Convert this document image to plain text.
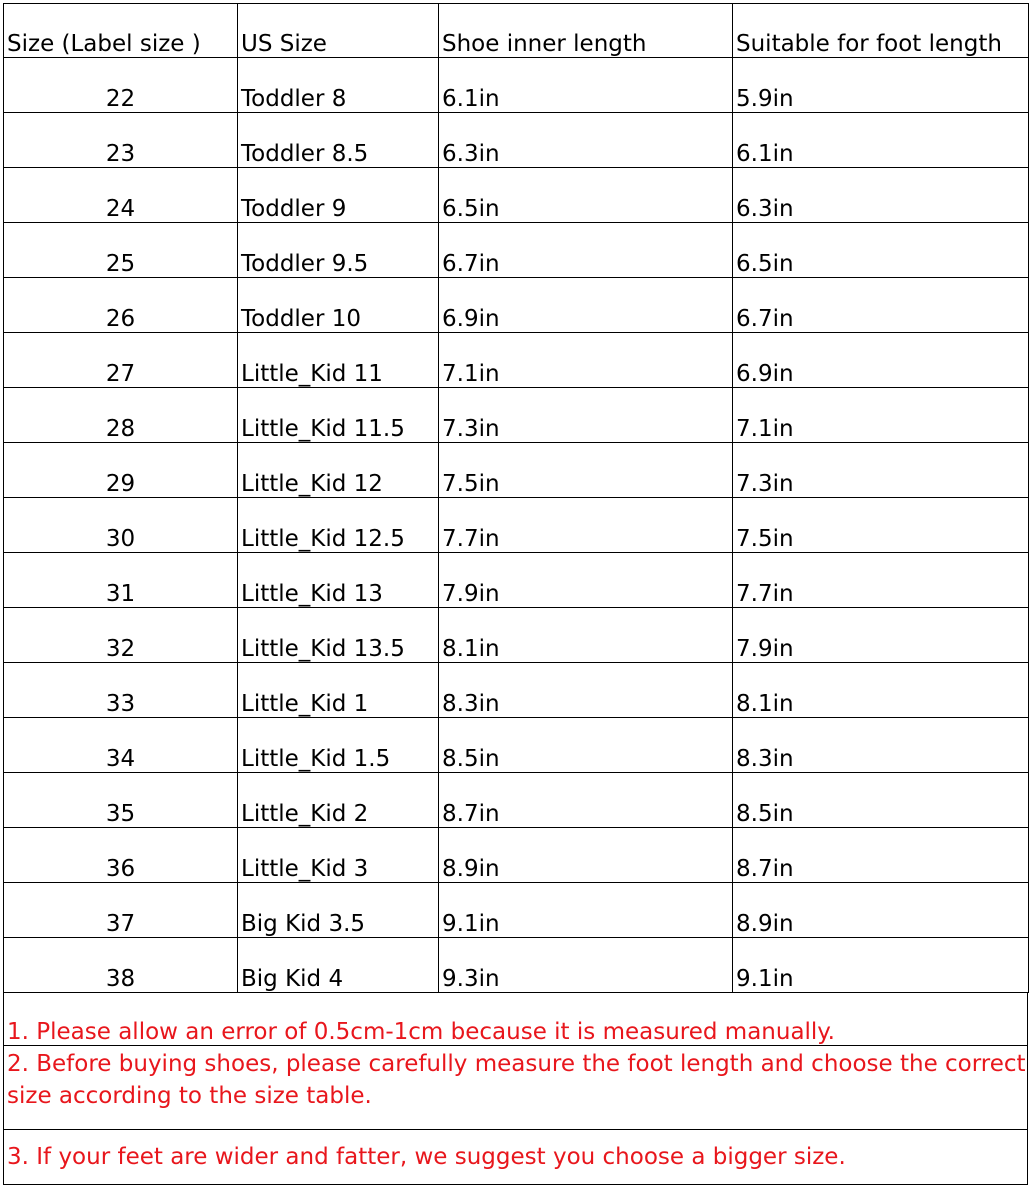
Size (Label size )	US Size	Shoe inner length	Suitable for foot length
22	Toddler 8	6.1in	5.9in
23	Toddler 8.5	6.3in	6.1in
24	Toddler 9	6.5in	6.3in
25	Toddler 9.5	6.7in	6.5in
26	Toddler 10	6.9in	6.7in
27	Little_Kid 11	7.1in	6.9in
28	Little_Kid 11.5	7.3in	7.1in
29	Little_Kid 12	7.5in	7.3in
30	Little_Kid 12.5	7.7in	7.5in
31	Little_Kid 13	7.9in	7.7in
32	Little_Kid 13.5	8.1in	7.9in
33	Little_Kid 1	8.3in	8.1in
34	Little_Kid 1.5	8.5in	8.3in
35	Little_Kid 2	8.7in	8.5in
36	Little_Kid 3	8.9in	8.7in
37	Big Kid 3.5	9.1in	8.9in
38	Big Kid 4	9.3in	9.1in
1. Please allow an error of 0.5cm-1cm because it is measured manually.
2. Before buying shoes, please carefully measure the foot length and choose the correct size according to the size table.
3. If your feet are wider and fatter, we suggest you choose a bigger size.
